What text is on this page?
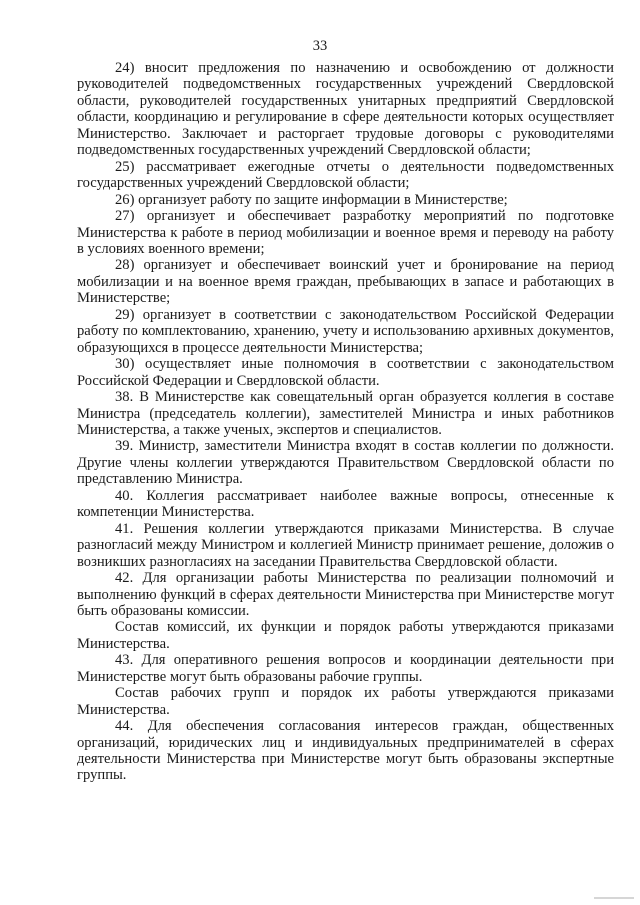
33

24) вносит предложения по назначению и освобождению от должности руководителей подведомственных государственных учреждений Свердловской области, руководителей государственных унитарных предприятий Свердловской области, координацию и регулирование в сфере деятельности которых осуществляет Министерство. Заключает и расторгает трудовые договоры с руководителями подведомственных государственных учреждений Свердловской области;

25) рассматривает ежегодные отчеты о деятельности подведомственных государственных учреждений Свердловской области;

26) организует работу по защите информации в Министерстве;

27) организует и обеспечивает разработку мероприятий по подготовке Министерства к работе в период мобилизации и военное время и переводу на работу в условиях военного времени;

28) организует и обеспечивает воинский учет и бронирование на период мобилизации и на военное время граждан, пребывающих в запасе и работающих в Министерстве;

29) организует в соответствии с законодательством Российской Федерации работу по комплектованию, хранению, учету и использованию архивных документов, образующихся в процессе деятельности Министерства;

30) осуществляет иные полномочия в соответствии с законодательством Российской Федерации и Свердловской области.

38. В Министерстве как совещательный орган образуется коллегия в составе Министра (председатель коллегии), заместителей Министра и иных работников Министерства, а также ученых, экспертов и специалистов.

39. Министр, заместители Министра входят в состав коллегии по должности. Другие члены коллегии утверждаются Правительством Свердловской области по представлению Министра.

40. Коллегия рассматривает наиболее важные вопросы, отнесенные к компетенции Министерства.

41. Решения коллегии утверждаются приказами Министерства. В случае разногласий между Министром и коллегией Министр принимает решение, доложив о возникших разногласиях на заседании Правительства Свердловской области.

42. Для организации работы Министерства по реализации полномочий и выполнению функций в сферах деятельности Министерства при Министерстве могут быть образованы комиссии.

Состав комиссий, их функции и порядок работы утверждаются приказами Министерства.

43. Для оперативного решения вопросов и координации деятельности при Министерстве могут быть образованы рабочие группы.

Состав рабочих групп и порядок их работы утверждаются приказами Министерства.

44. Для обеспечения согласования интересов граждан, общественных организаций, юридических лиц и индивидуальных предпринимателей в сферах деятельности Министерства при Министерстве могут быть образованы экспертные группы.
